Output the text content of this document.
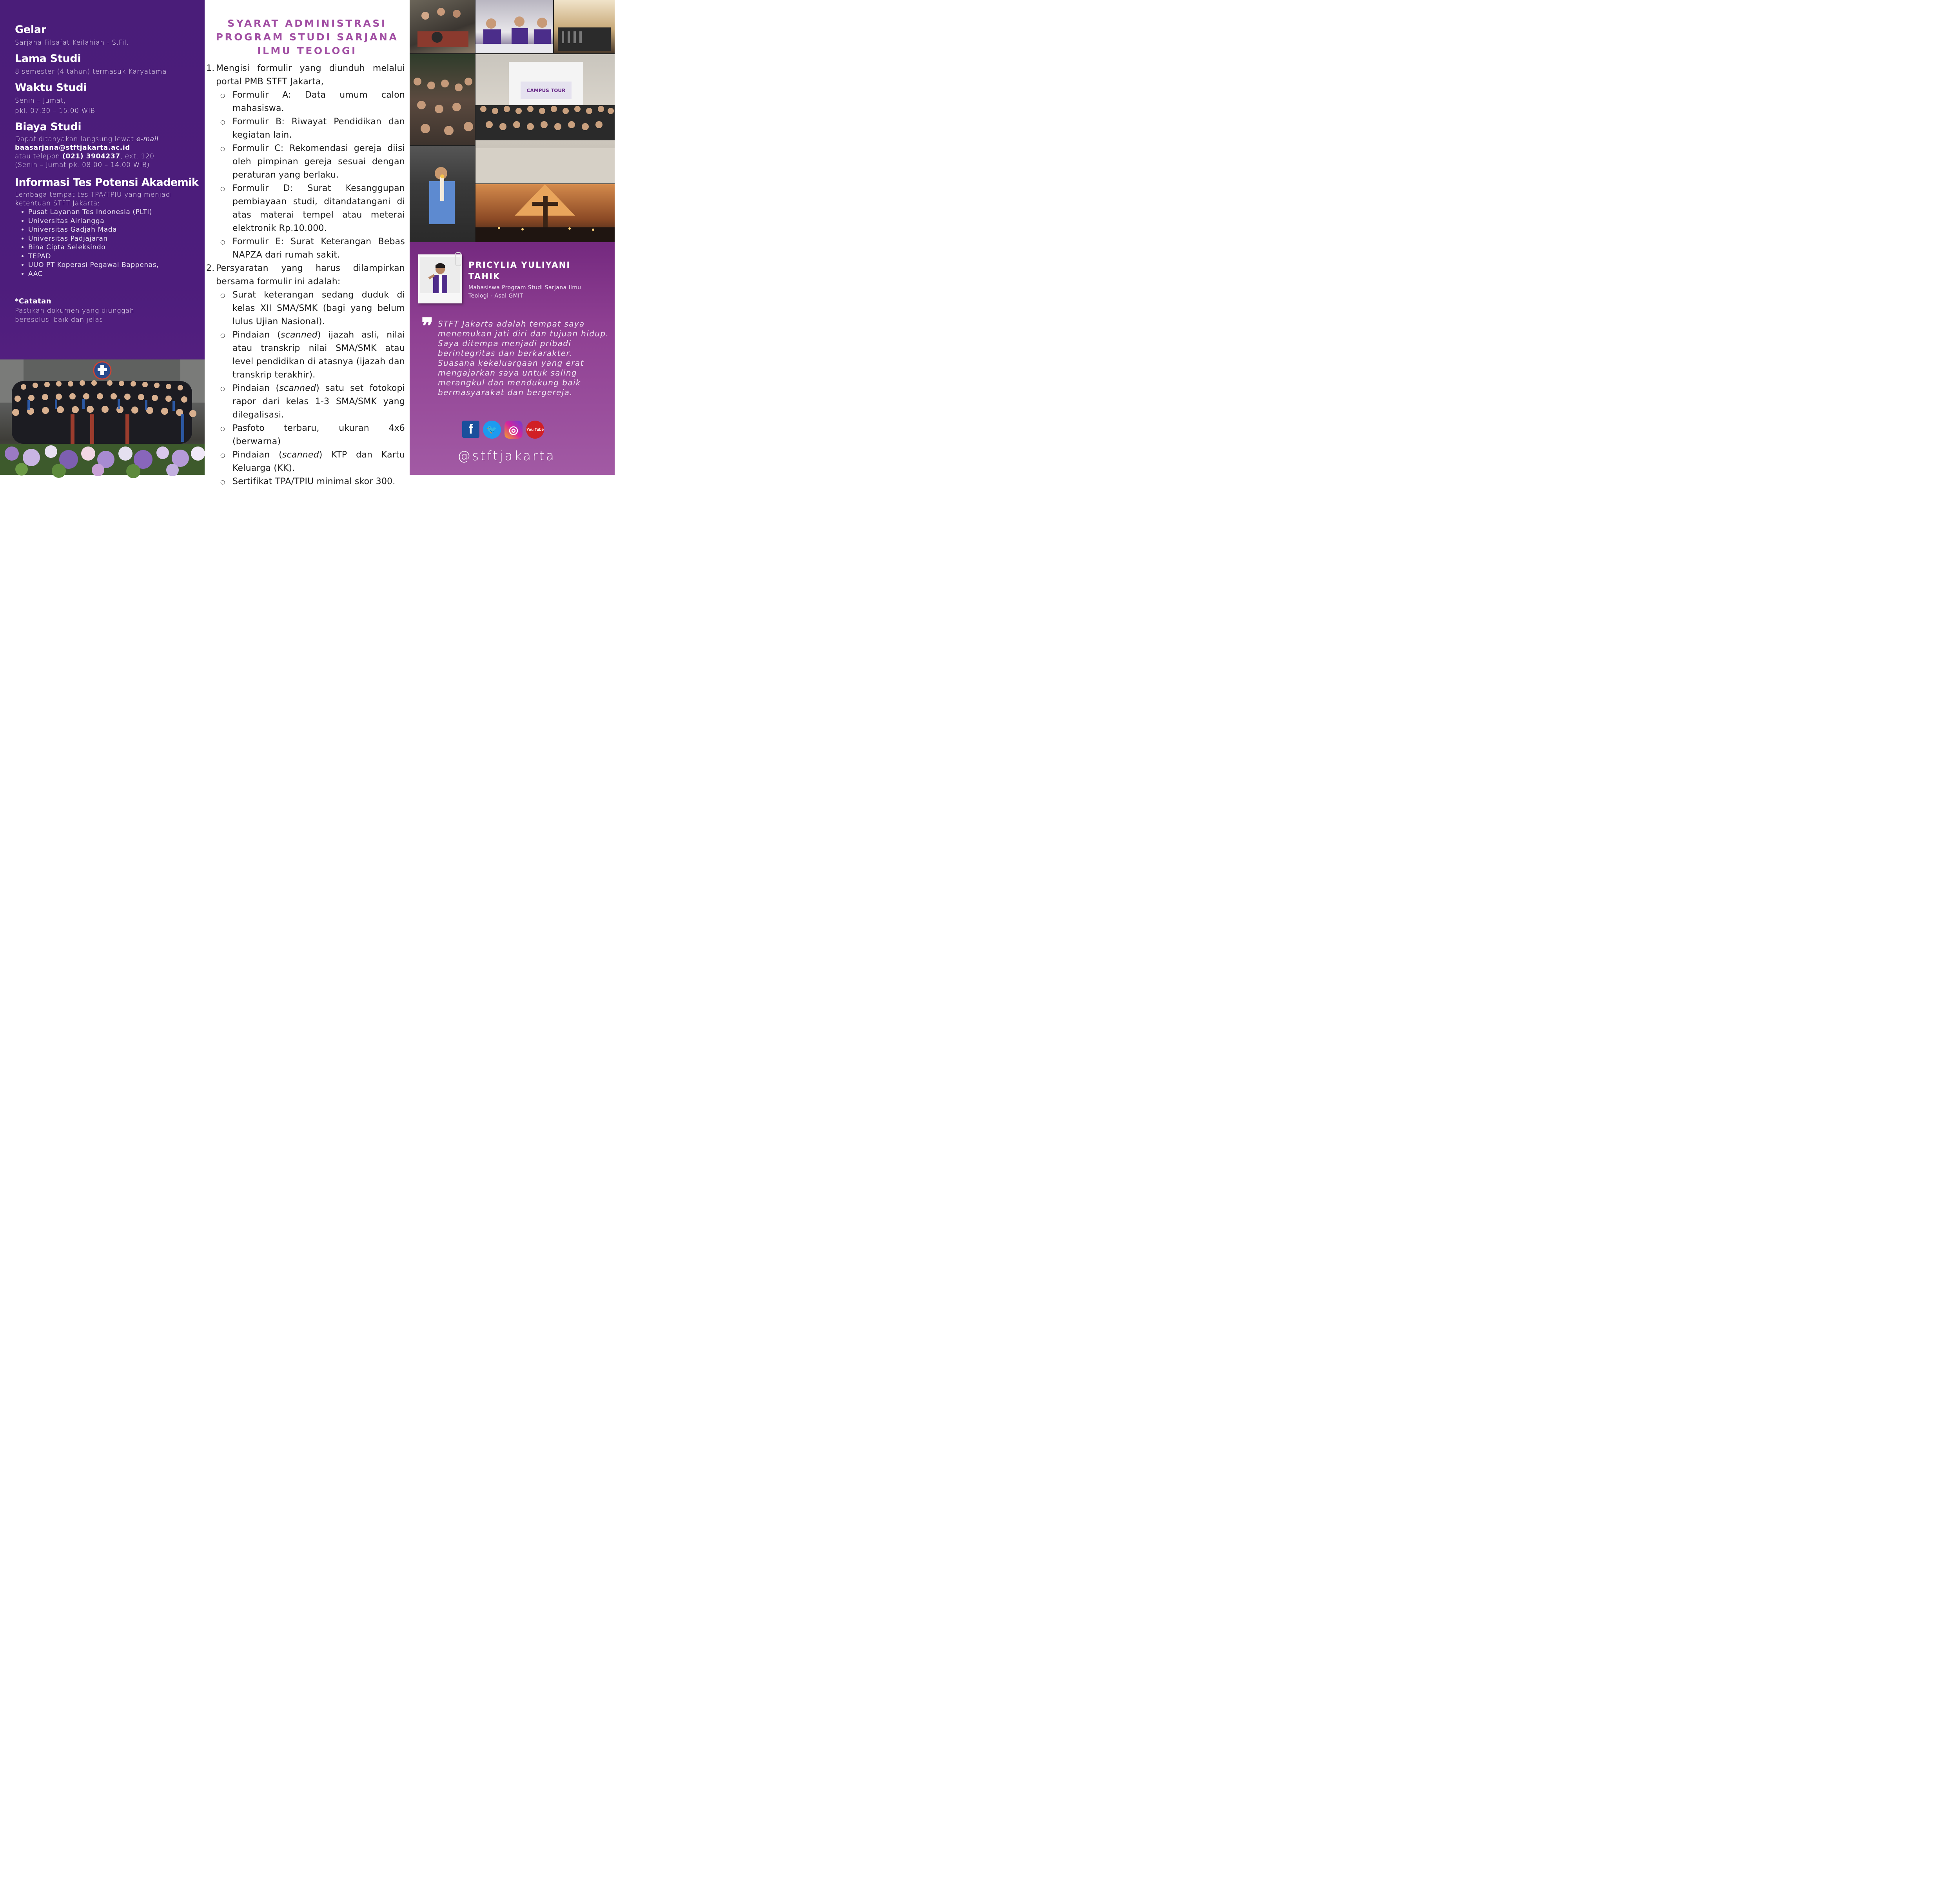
Gelar
Sarjana Filsafat Keilahian - S.Fil.
Lama Studi
8 semester (4 tahun) termasuk Karyatama
Waktu Studi
Senin – Jumat,
pkl. 07.30 – 15.00 WIB
Biaya Studi
Dapat ditanyakan langsung lewat e-mail
baasarjana@stftjakarta.ac.id
atau telepon (021) 3904237, ext. 120
(Senin – Jumat pk. 08.00 – 14.00 WIB)
Informasi Tes Potensi Akademik
Lembaga tempat tes TPA/TPIU yang menjadi ketentuan STFT Jakarta:
• Pusat Layanan Tes Indonesia (PLTI)
• Universitas Airlangga
• Universitas Gadjah Mada
• Universitas Padjajaran
• Bina Cipta Seleksindo
• TEPAD
• UUO PT Koperasi Pegawai Bappenas,
• AAC
*Catatan
Pastikan dokumen yang diunggah beresolusi baik dan jelas
SYARAT ADMINISTRASI
PROGRAM STUDI SARJANA
ILMU TEOLOGI
1. Mengisi formulir yang diunduh melalui portal PMB STFT Jakarta,
○ Formulir A: Data umum calon mahasiswa.
○ Formulir B: Riwayat Pendidikan dan kegiatan lain.
○ Formulir C: Rekomendasi gereja diisi oleh pimpinan gereja sesuai dengan peraturan yang berlaku.
○ Formulir D: Surat Kesanggupan pembiayaan studi, ditandatangani di atas materai tempel atau meterai elektronik Rp.10.000.
○ Formulir E: Surat Keterangan Bebas NAPZA dari rumah sakit.
2. Persyaratan yang harus dilampirkan bersama formulir ini adalah:
○ Surat keterangan sedang duduk di kelas XII SMA/SMK (bagi yang belum lulus Ujian Nasional).
○ Pindaian (scanned) ijazah asli, nilai atau transkrip nilai SMA/SMK atau level pendidikan di atasnya (ijazah dan transkrip terakhir).
○ Pindaian (scanned) satu set fotokopi rapor dari kelas 1-3 SMA/SMK yang dilegalisasi.
○ Pasfoto terbaru, ukuran 4x6 (berwarna)
○ Pindaian (scanned) KTP dan Kartu Keluarga (KK).
○ Sertifikat TPA/TPIU minimal skor 300.
CAMPUS TOUR
PRICYLIA YULIYANI
TAHIK
Mahasiswa Program Studi Sarjana Ilmu Teologi - Asal GMIT
❞ STFT Jakarta adalah tempat saya menemukan jati diri dan tujuan hidup. Saya ditempa menjadi pribadi berintegritas dan berkarakter. Suasana kekeluargaan yang erat mengajarkan saya untuk saling merangkul dan mendukung baik bermasyarakat dan bergereja.
f	🐦	◎	You Tube
@stftjakarta
